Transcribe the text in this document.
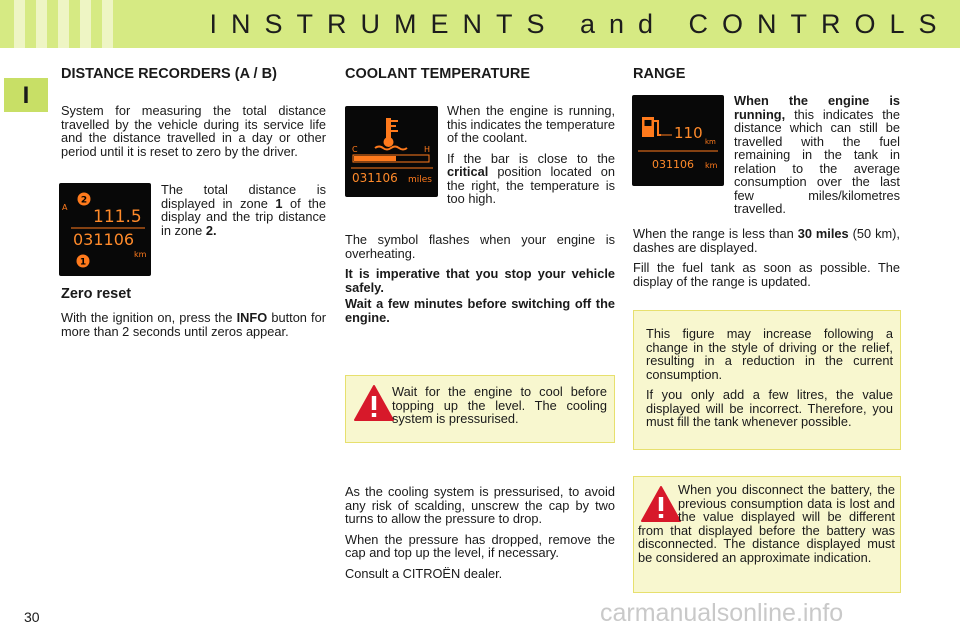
INSTRUMENTS and CONTROLS
I
DISTANCE RECORDERS (A / B)

System for measuring the total distance travelled by the vehicle during its service life and the distance travelled in a day or other period until it is reset to zero by the driver.

A
2
111.5
031106
1
km
The total distance is displayed in zone 1 of the display and the trip distance in zone 2.
Zero reset
With the ignition on, press the INFO button for more than 2 seconds until zeros appear.
COOLANT TEMPERATURE
C	H
031106 miles

When the engine is running, this indicates the temperature of the coolant.

If the bar is close to the critical position located on the right, the temperature is too high.

The symbol flashes when your engine is overheating.

It is imperative that you stop your vehicle safely.

Wait a few minutes before switching off the engine.

Wait for the engine to cool before topping up the level. The cooling system is pressurised.

As the cooling system is pressurised, to avoid any risk of scalding, unscrew the cap by two turns to allow the pressure to drop.

When the pressure has dropped, remove the cap and top up the level, if necessary.

Consult a CITROËN dealer.

RANGE
110 km
031106 km
When the engine is running, this indicates the distance which can still be travelled with the fuel remaining in the tank in relation to the average consumption over the last few miles/kilometres travelled.

When the range is less than 30 miles (50 km), dashes are displayed.

Fill the fuel tank as soon as possible. The display of the range is updated.

This figure may increase following a change in the style of driving or the relief, resulting in a reduction in the current consumption.

If you only add a few litres, the value displayed will be incorrect. Therefore, you must fill the tank whenever possible.

When you disconnect the battery, the previous consumption data is lost and the value displayed will be different from that displayed before the battery was disconnected. The distance displayed must be considered an approximate indication.
30	carmanualsonline.info
